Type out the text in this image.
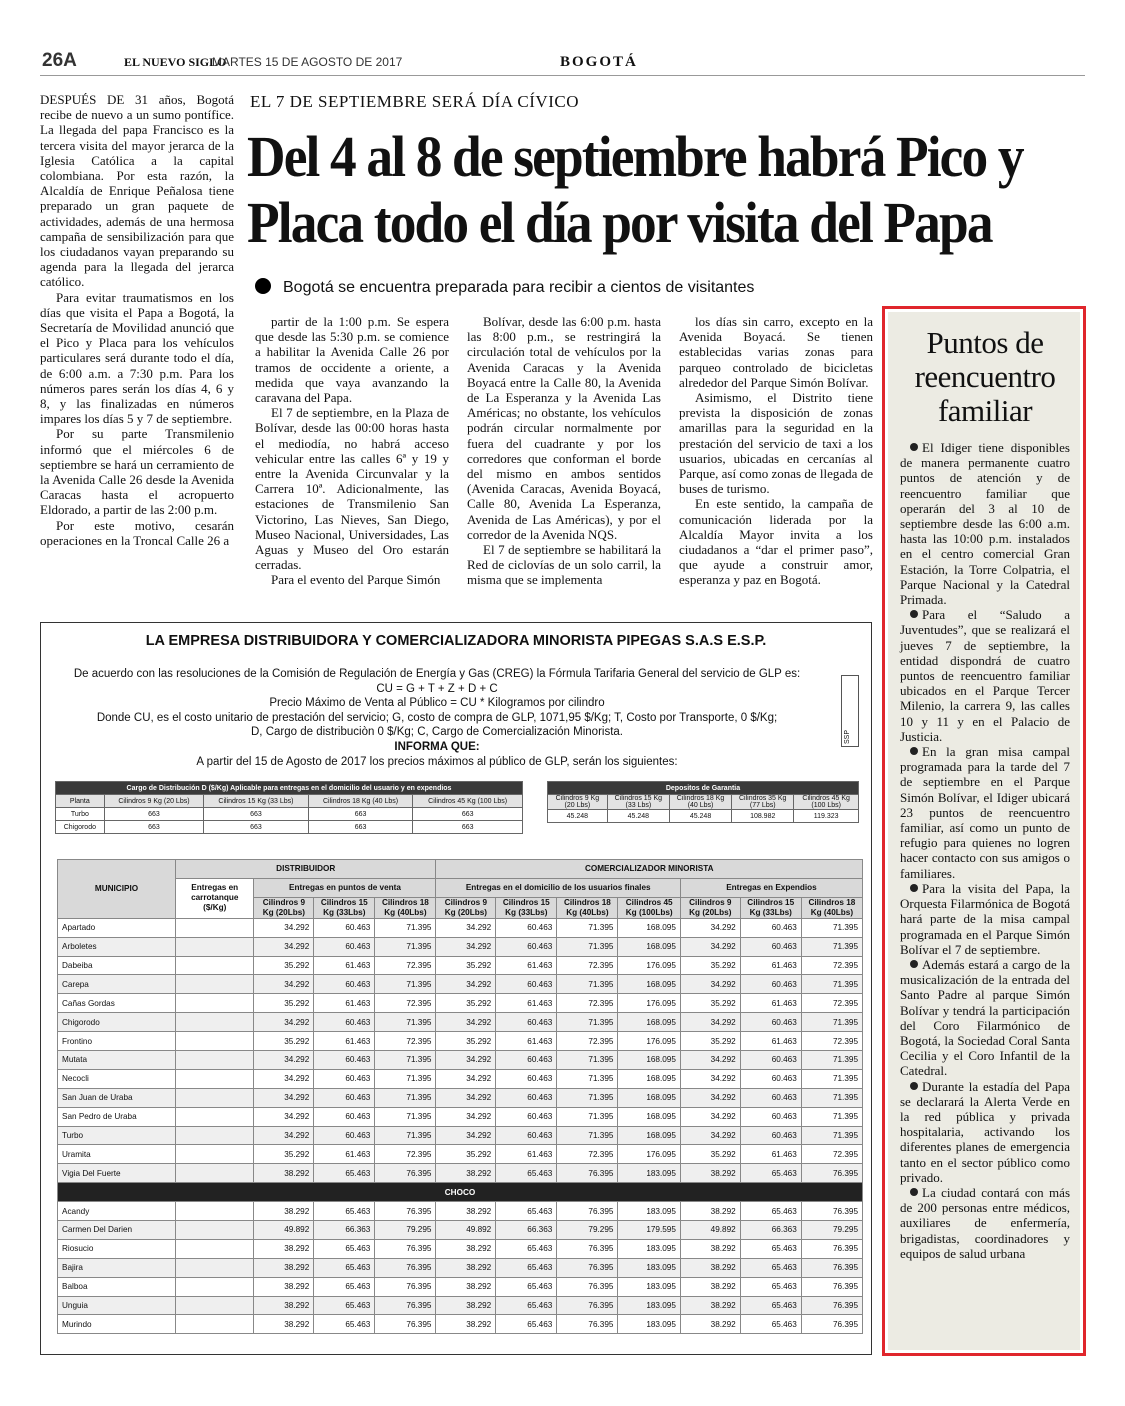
26A	EL NUEVO SIGLO
MARTES 15 DE AGOSTO DE 2017	BOGOTÁ
EL 7 DE SEPTIEMBRE SERÁ DÍA CÍVICO
Del 4 al 8 de septiembre habrá Pico y Placa todo el día por visita del Papa
Bogotá se encuentra preparada para recibir a cientos de visitantes

DESPUÉS DE 31 años, Bogotá recibe de nuevo a un sumo pontífice. La llegada del papa Francisco es la tercera visita del mayor jerarca de la Iglesia Católica a la capital colombiana. Por esta razón, la Alcaldía de Enrique Peñalosa tiene preparado un gran paquete de actividades, además de una hermosa campaña de sensibilización para que los ciudadanos vayan preparando su agenda para la llegada del jerarca católico.

Para evitar traumatismos en los días que visita el Papa a Bogotá, la Secretaría de Movilidad anunció que el Pico y Placa para los vehículos particulares será durante todo el día, de 6:00 a.m. a 7:30 p.m. Para los números pares serán los días 4, 6 y 8, y las finalizadas en números impares los días 5 y 7 de septiembre.

Por su parte Transmilenio informó que el miércoles 6 de septiembre se hará un cerramiento de la Avenida Calle 26 desde la Avenida Caracas hasta el acropuerto Eldorado, a partir de las 2:00 p.m.

Por este motivo, cesarán operaciones en la Troncal Calle 26 a

partir de la 1:00 p.m. Se espera que desde las 5:30 p.m. se comience a habilitar la Avenida Calle 26 por tramos de occidente a oriente, a medida que vaya avanzando la caravana del Papa.

El 7 de septiembre, en la Plaza de Bolívar, desde las 00:00 horas hasta el mediodía, no habrá acceso vehicular entre las calles 6ª y 19 y entre la Avenida Circunvalar y la Carrera 10ª. Adicionalmente, las estaciones de Transmilenio San Victorino, Las Nieves, San Diego, Museo Nacional, Universidades, Las Aguas y Museo del Oro estarán cerradas.

Para el evento del Parque Simón

Bolívar, desde las 6:00 p.m. hasta las 8:00 p.m., se restringirá la circulación total de vehículos por la Avenida Caracas y la Avenida Boyacá entre la Calle 80, la Avenida de La Esperanza y la Avenida Las Américas; no obstante, los vehículos podrán circular normalmente por fuera del cuadrante y por los corredores que conforman el borde del mismo en ambos sentidos (Avenida Caracas, Avenida Boyacá, Calle 80, Avenida La Esperanza, Avenida de Las Américas), y por el corredor de la Avenida NQS.

El 7 de septiembre se habilitará la Red de ciclovías de un solo carril, la misma que se implementa

los días sin carro, excepto en la Avenida Boyacá. Se tienen establecidas varias zonas para parqueo controlado de bicicletas alrededor del Parque Simón Bolívar.

Asimismo, el Distrito tiene prevista la disposición de zonas amarillas para la seguridad en la prestación del servicio de taxi a los usuarios, ubicadas en cercanías al Parque, así como zonas de llegada de buses de turismo.

En este sentido, la campaña de comunicación liderada por la Alcaldía Mayor invita a los ciudadanos a “dar el primer paso”, que ayude a construir amor, esperanza y paz en Bogotá.

Puntos de reencuentro familiar

El Idiger tiene disponibles de manera permanente cuatro puntos de atención y de reencuentro familiar que operarán del 3 al 10 de septiembre desde las 6:00 a.m. hasta las 10:00 p.m. instalados en el centro comercial Gran Estación, la Torre Colpatria, el Parque Nacional y la Catedral Primada.

Para el “Saludo a Juventudes”, que se realizará el jueves 7 de septiembre, la entidad dispondrá de cuatro puntos de reencuentro familiar ubicados en el Parque Tercer Milenio, la carrera 9, las calles 10 y 11 y en el Palacio de Justicia.

En la gran misa campal programada para la tarde del 7 de septiembre en el Parque Simón Bolívar, el Idiger ubicará 23 puntos de reencuentro familiar, así como un punto de refugio para quienes no logren hacer contacto con sus amigos o familiares.

Para la visita del Papa, la Orquesta Filarmónica de Bogotá hará parte de la misa campal programada en el Parque Simón Bolívar el 7 de septiembre.

Además estará a cargo de la musicalización de la entrada del Santo Padre al parque Simón Bolívar y tendrá la participación del Coro Filarmónico de Bogotá, la Sociedad Coral Santa Cecilia y el Coro Infantil de la Catedral.

Durante la estadía del Papa se declarará la Alerta Verde en la red pública y privada hospitalaria, activando los diferentes planes de emergencia tanto en el sector público como privado.

La ciudad contará con más de 200 personas entre médicos, auxiliares de enfermería, brigadistas, coordinadores y equipos de salud urbana

LA EMPRESA DISTRIBUIDORA Y COMERCIALIZADORA MINORISTA PIPEGAS S.A.S E.S.P.
De acuerdo con las resoluciones de la Comisión de Regulación de Energía y Gas (CREG) la Fórmula Tarifaria General del servicio de GLP es:
CU = G + T + Z + D + C
Precio Máximo de Venta al Público = CU * Kilogramos por cilindro
Donde CU, es el costo unitario de prestación del servicio; G, costo de compra de GLP, 1071,95 $/Kg; T, Costo por Transporte, 0 $/Kg;
D, Cargo de distribuciòn 0 $/Kg; C, Cargo de Comercialización Minorista.
INFORMA QUE:
A partir del 15 de Agosto de 2017 los precios máximos al público de GLP, serán los siguientes:
SSP
Cargo de Distribución D ($/Kg) Aplicable para entregas en el domicilio del usuario y en expendios				
Planta	Cilindros 9 Kg (20 Lbs)	Cilindros 15 Kg (33 Lbs)	Cilindros 18 Kg (40 Lbs)	Cilindros 45 Kg (100 Lbs)
Turbo	663	663	663	663
Chigorodo	663	663	663	663
Depositos de Garantia				
Cilindros 9 Kg (20 Lbs)	Cilindros 15 Kg (33 Lbs)	Cilindros 18 Kg (40 Lbs)	Cilindros 35 Kg (77 Lbs)	Cilindros 45 Kg (100 Lbs)
45.248	45.248	45.248	108.982	119.323
MUNICIPIO	DISTRIBUIDOR				COMERCIALIZADOR MINORISTA						
	Entregas en carrotanque ($/Kg)	Entregas en puntos de venta			Entregas en el domicilio de los usuarios finales				Entregas en Expendios		
		Cilindros 9 Kg (20Lbs)	Cilindros 15 Kg (33Lbs)	Cilindros 18 Kg (40Lbs)	Cilindros 9 Kg (20Lbs)	Cilindros 15 Kg (33Lbs)	Cilindros 18 Kg (40Lbs)	Cilindros 45 Kg (100Lbs)	Cilindros 9 Kg (20Lbs)	Cilindros 15 Kg (33Lbs)	Cilindros 18 Kg (40Lbs)
Apartado		34.292	60.463	71.395	34.292	60.463	71.395	168.095	34.292	60.463	71.395
Arboletes		34.292	60.463	71.395	34.292	60.463	71.395	168.095	34.292	60.463	71.395
Dabeiba		35.292	61.463	72.395	35.292	61.463	72.395	176.095	35.292	61.463	72.395
Carepa		34.292	60.463	71.395	34.292	60.463	71.395	168.095	34.292	60.463	71.395
Cañas Gordas		35.292	61.463	72.395	35.292	61.463	72.395	176.095	35.292	61.463	72.395
Chigorodo		34.292	60.463	71.395	34.292	60.463	71.395	168.095	34.292	60.463	71.395
Frontino		35.292	61.463	72.395	35.292	61.463	72.395	176.095	35.292	61.463	72.395
Mutata		34.292	60.463	71.395	34.292	60.463	71.395	168.095	34.292	60.463	71.395
Necocli		34.292	60.463	71.395	34.292	60.463	71.395	168.095	34.292	60.463	71.395
San Juan de Uraba		34.292	60.463	71.395	34.292	60.463	71.395	168.095	34.292	60.463	71.395
San Pedro de Uraba		34.292	60.463	71.395	34.292	60.463	71.395	168.095	34.292	60.463	71.395
Turbo		34.292	60.463	71.395	34.292	60.463	71.395	168.095	34.292	60.463	71.395
Uramita		35.292	61.463	72.395	35.292	61.463	72.395	176.095	35.292	61.463	72.395
Vigia Del Fuerte		38.292	65.463	76.395	38.292	65.463	76.395	183.095	38.292	65.463	76.395
CHOCO											
Acandy		38.292	65.463	76.395	38.292	65.463	76.395	183.095	38.292	65.463	76.395
Carmen Del Darien		49.892	66.363	79.295	49.892	66.363	79.295	179.595	49.892	66.363	79.295
Riosucio		38.292	65.463	76.395	38.292	65.463	76.395	183.095	38.292	65.463	76.395
Bajira		38.292	65.463	76.395	38.292	65.463	76.395	183.095	38.292	65.463	76.395
Balboa		38.292	65.463	76.395	38.292	65.463	76.395	183.095	38.292	65.463	76.395
Unguia		38.292	65.463	76.395	38.292	65.463	76.395	183.095	38.292	65.463	76.395
Murindo		38.292	65.463	76.395	38.292	65.463	76.395	183.095	38.292	65.463	76.395
